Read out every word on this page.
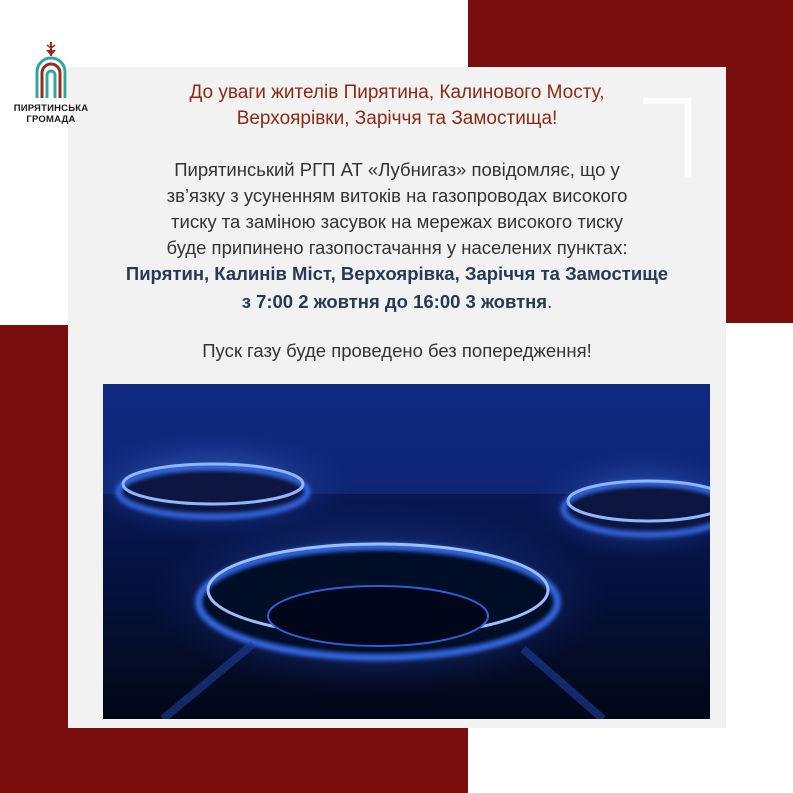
ПИРЯТИНСЬКА
ГРОМАДА
До уваги жителів Пирятина, Калинового Мосту,
Верхоярівки, Заріччя та Замостища!
Пирятинський РГП АТ «Лубнигаз» повідомляє, що у
зв’язку з усуненням витоків на газопроводах високого
тиску та заміною засувок на мережах високого тиску
буде припинено газопостачання у населених пунктах:
Пирятин, Калинів Міст, Верхоярівка, Заріччя та Замостище
з 7:00 2 жовтня до 16:00 3 жовтня.
Пуск газу буде проведено без попередження!
